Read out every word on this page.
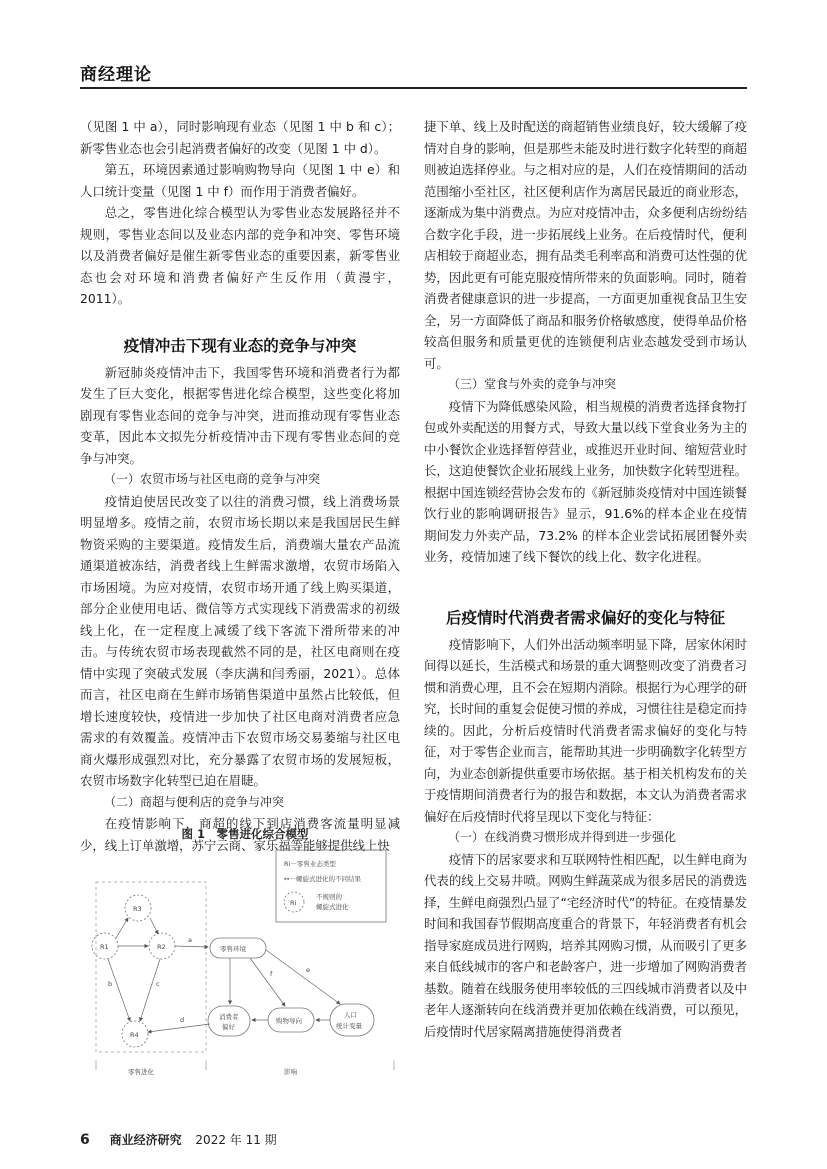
商经理论

（见图 1 中 a），同时影响现有业态（见图 1 中 b 和 c）；新零售业态也会引起消费者偏好的改变（见图 1 中 d）。

第五，环境因素通过影响购物导向（见图 1 中 e）和人口统计变量（见图 1 中 f）而作用于消费者偏好。

总之，零售进化综合模型认为零售业态发展路径并不规则，零售业态间以及业态内部的竞争和冲突、零售环境以及消费者偏好是催生新零售业态的重要因素，新零售业态也会对环境和消费者偏好产生反作用（黄漫宇，2011）。

疫情冲击下现有业态的竞争与冲突

新冠肺炎疫情冲击下，我国零售环境和消费者行为都发生了巨大变化，根据零售进化综合模型，这些变化将加剧现有零售业态间的竞争与冲突，进而推动现有零售业态变革，因此本文拟先分析疫情冲击下现有零售业态间的竞争与冲突。

（一）农贸市场与社区电商的竞争与冲突

疫情迫使居民改变了以往的消费习惯，线上消费场景明显增多。疫情之前，农贸市场长期以来是我国居民生鲜物资采购的主要渠道。疫情发生后，消费端大量农产品流通渠道被冻结，消费者线上生鲜需求激增，农贸市场陷入市场困境。为应对疫情，农贸市场开通了线上购买渠道，部分企业使用电话、微信等方式实现线下消费需求的初级线上化，在一定程度上减缓了线下客流下滑所带来的冲击。与传统农贸市场表现截然不同的是，社区电商则在疫情中实现了突破式发展（李庆满和闫秀丽，2021）。总体而言，社区电商在生鲜市场销售渠道中虽然占比较低，但增长速度较快，疫情进一步加快了社区电商对消费者应急需求的有效覆盖。疫情冲击下农贸市场交易萎缩与社区电商火爆形成强烈对比，充分暴露了农贸市场的发展短板，农贸市场数字化转型已迫在眉睫。

（二）商超与便利店的竞争与冲突

在疫情影响下，商超的线下到店消费客流量明显减少，线上订单激增，苏宁云商、家乐福等能够提供线上快

捷下单、线上及时配送的商超销售业绩良好，较大缓解了疫情对自身的影响，但是那些未能及时进行数字化转型的商超则被迫选择停业。与之相对应的是，人们在疫情期间的活动范围缩小至社区，社区便利店作为离居民最近的商业形态，逐渐成为集中消费点。为应对疫情冲击，众多便利店纷纷结合数字化手段，进一步拓展线上业务。在后疫情时代，便利店相较于商超业态，拥有品类毛利率高和消费可达性强的优势，因此更有可能克服疫情所带来的负面影响。同时，随着消费者健康意识的进一步提高，一方面更加重视食品卫生安全，另一方面降低了商品和服务价格敏感度，使得单品价格较高但服务和质量更优的连锁便利店业态越发受到市场认可。

（三）堂食与外卖的竞争与冲突

疫情下为降低感染风险，相当规模的消费者选择食物打包或外卖配送的用餐方式，导致大量以线下堂食业务为主的中小餐饮企业选择暂停营业，或推迟开业时间、缩短营业时长，这迫使餐饮企业拓展线上业务，加快数字化转型进程。根据中国连锁经营协会发布的《新冠肺炎疫情对中国连锁餐饮行业的影响调研报告》显示，91.6%的样本企业在疫情期间发力外卖产品，73.2% 的样本企业尝试拓展团餐外卖业务，疫情加速了线下餐饮的线上化、数字化进程。

后疫情时代消费者需求偏好的变化与特征

疫情影响下，人们外出活动频率明显下降，居家休闲时间得以延长，生活模式和场景的重大调整则改变了消费者习惯和消费心理，且不会在短期内消除。根据行为心理学的研究，长时间的重复会促使习惯的养成，习惯往往是稳定而持续的。因此，分析后疫情时代消费者需求偏好的变化与特征，对于零售企业而言，能帮助其进一步明确数字化转型方向，为业态创新提供重要市场依据。基于相关机构发布的关于疫情期间消费者行为的报告和数据，本文认为消费者需求偏好在后疫情时代将呈现以下变化与特征：

（一）在线消费习惯形成并得到进一步强化

疫情下的居家要求和互联网特性相匹配，以生鲜电商为代表的线上交易井喷。网购生鲜蔬菜成为很多居民的消费选择，生鲜电商强烈凸显了“宅经济时代”的特征。在疫情暴发时间和我国春节假期高度重合的背景下，年轻消费者有机会指导家庭成员进行网购，培养其网购习惯，从而吸引了更多来自低线城市的客户和老龄客户，进一步增加了网购消费者基数。随着在线服务使用率较低的三四线城市消费者以及中老年人逐渐转向在线消费并更加依赖在线消费，可以预见，后疫情时代居家隔离措施使得消费者

图 1　零售进化综合模型
Ri－零售业态类型
↔－螺旋式进化的不同结果
Ri
不规则的
螺旋式进化
R3
R1	R2
R4
b	c
零售环境
消费者
偏好
购物导向
人口
统计变量
a
f	e
d
零售进化	影响
6 商业经济研究 2022 年 11 期
